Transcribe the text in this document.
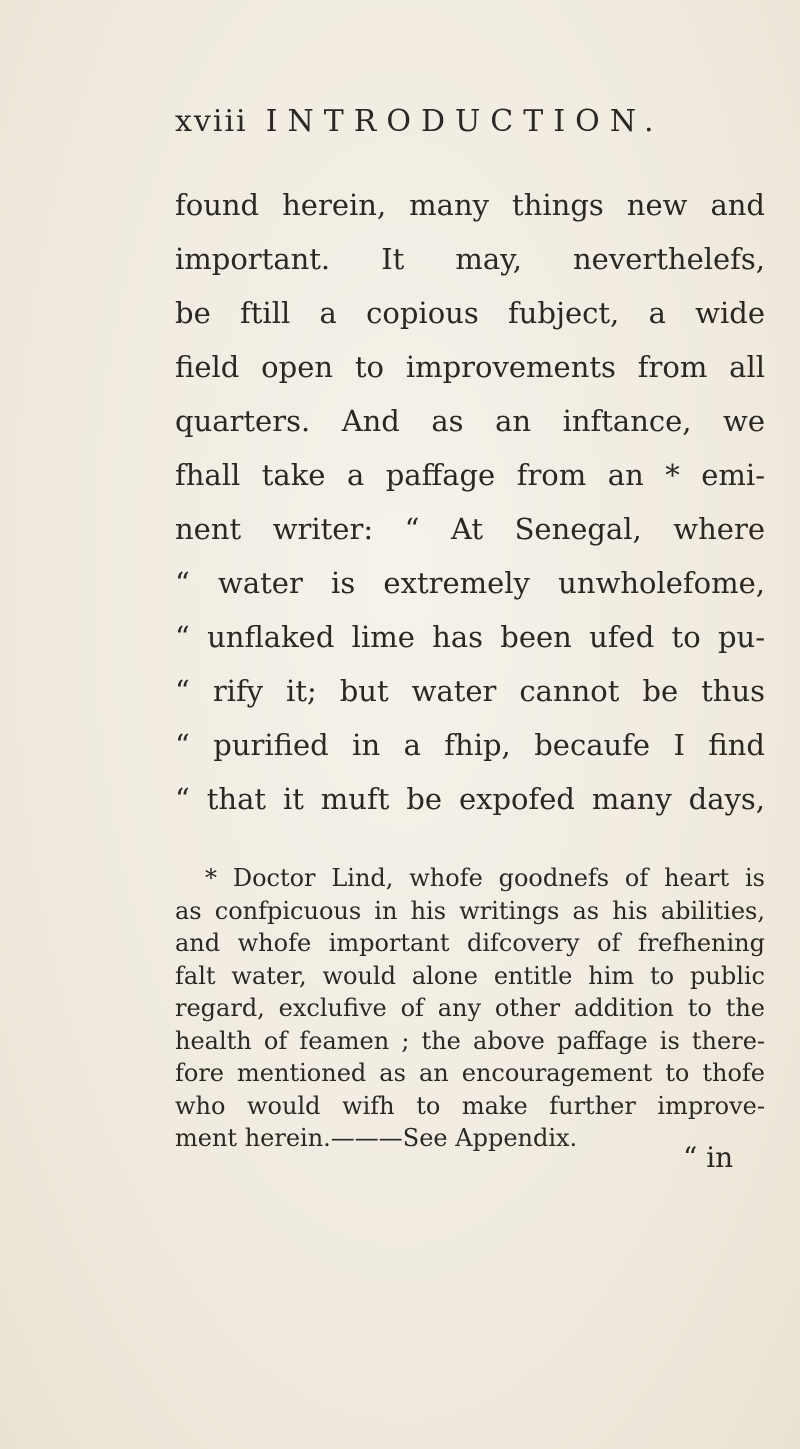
xviii INTRODUCTION.
found herein, many things new and
important. It may, neverthelefs,
be ftill a copious fubject, a wide
field open to improvements from all
quarters. And as an inftance, we
fhall take a paffage from an * emi-
nent writer: “ At Senegal, where
“ water is extremely unwholefome,
“ unflaked lime has been ufed to pu-
“ rify it; but water cannot be thus
“ purified in a fhip, becaufe I find
“ that it muft be expofed many days,
* Doctor Lind, whofe goodnefs of heart is
as confpicuous in his writings as his abilities,
and whofe important difcovery of frefhening
falt water, would alone entitle him to public
regard, exclufive of any other addition to the
health of feamen ; the above paffage is there-
fore mentioned as an encouragement to thofe
who would wifh to make further improve-
ment herein.———See Appendix.
“ in
